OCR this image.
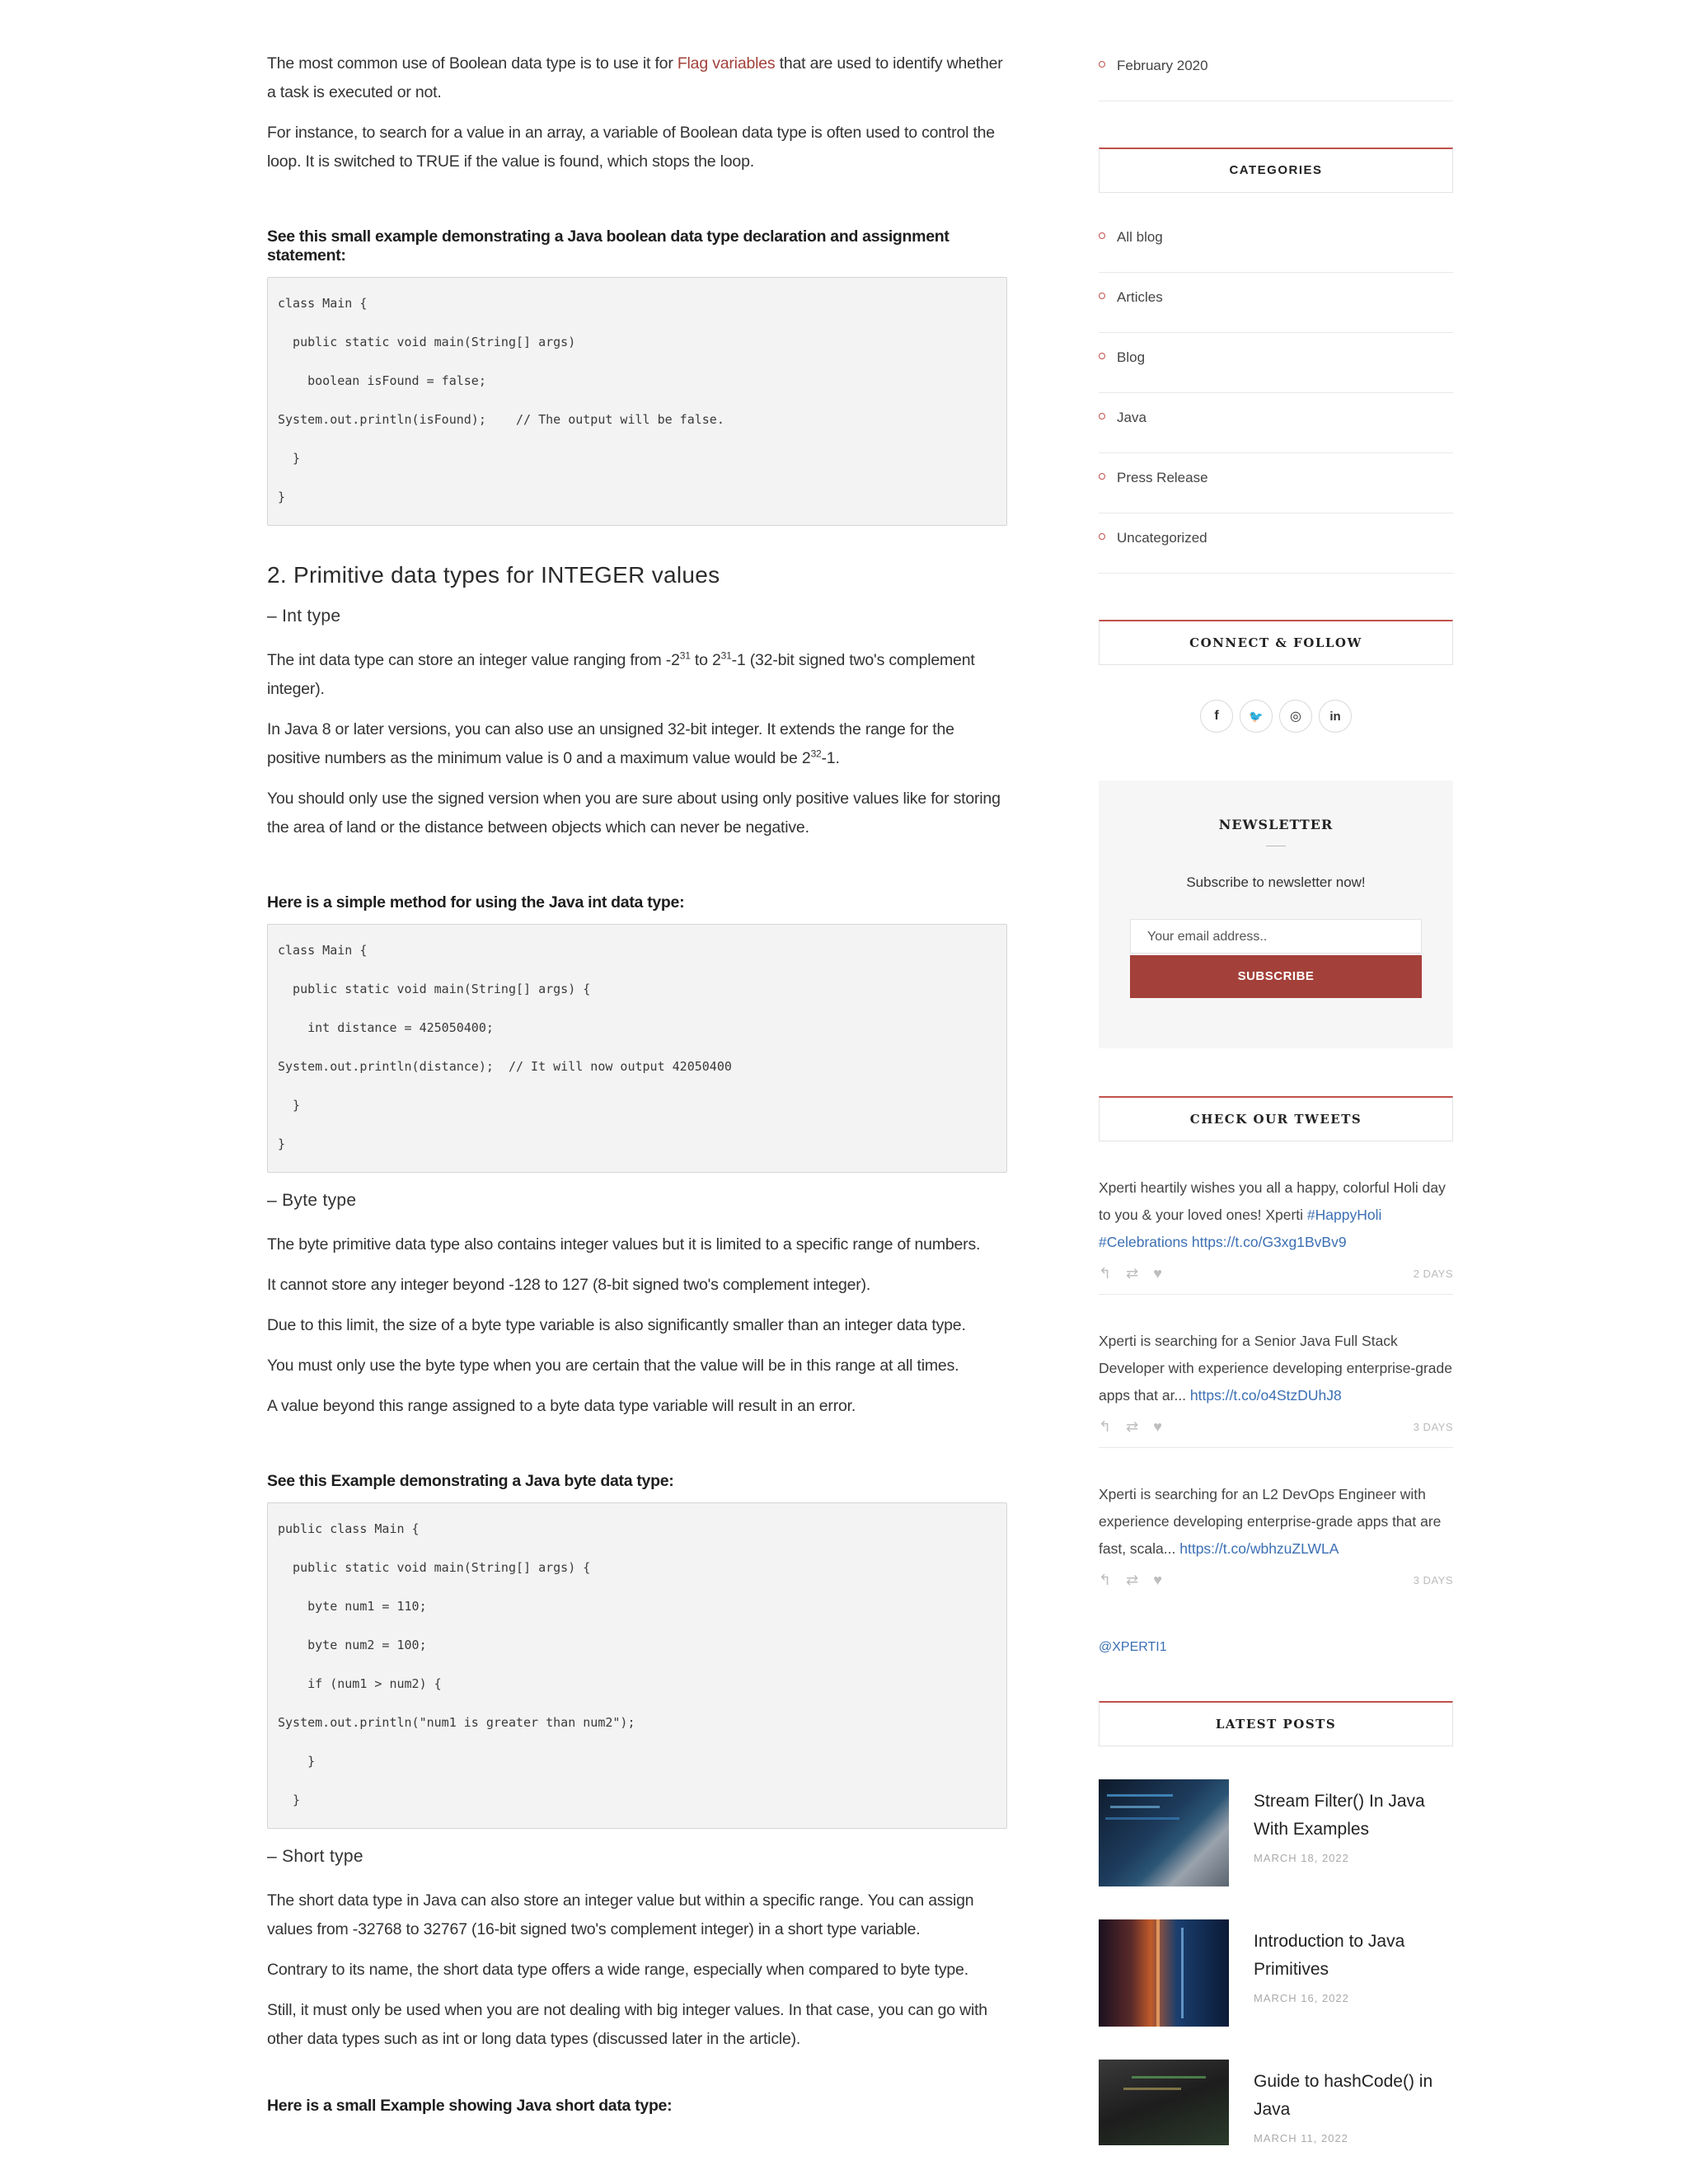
The most common use of Boolean data type is to use it for Flag variables that are used to identify whether a task is executed or not.

For instance, to search for a value in an array, a variable of Boolean data type is often used to control the loop. It is switched to TRUE if the value is found, which stops the loop.

See this small example demonstrating a Java boolean data type declaration and assignment statement:
class Main {
public static void main(String[] args)
boolean isFound = false;
System.out.println(isFound);    // The output will be false.
}
}
2. Primitive data types for INTEGER values
– Int type

The int data type can store an integer value ranging from $-2^{31}$ to $2^{31}-1$ (32-bit signed two's complement integer).

In Java 8 or later versions, you can also use an unsigned 32-bit integer. It extends the range for the positive numbers as the minimum value is 0 and a maximum value would be $2^{32}-1$.

You should only use the signed version when you are sure about using only positive values like for storing the area of land or the distance between objects which can never be negative.

Here is a simple method for using the Java int data type:
class Main {
public static void main(String[] args) {
int distance = 425050400;
System.out.println(distance);  // It will now output 42050400
}
}
– Byte type

The byte primitive data type also contains integer values but it is limited to a specific range of numbers.

It cannot store any integer beyond -128 to 127 (8-bit signed two's complement integer).

Due to this limit, the size of a byte type variable is also significantly smaller than an integer data type.

You must only use the byte type when you are certain that the value will be in this range at all times.

A value beyond this range assigned to a byte data type variable will result in an error.

See this Example demonstrating a Java byte data type:
public class Main {
public static void main(String[] args) {
byte num1 = 110;
byte num2 = 100;
if (num1 > num2) {
System.out.println("num1 is greater than num2");
}
}
– Short type

The short data type in Java can also store an integer value but within a specific range. You can assign values from -32768 to 32767 (16-bit signed two's complement integer) in a short type variable.

Contrary to its name, the short data type offers a wide range, especially when compared to byte type.

Still, it must only be used when you are not dealing with big integer values. In that case, you can go with other data types such as int or long data types (discussed later in the article).

Here is a small Example showing Java short data type:
February 2020
CATEGORIES
All blog
Articles
Blog
Java
Press Release
Uncategorized
CONNECT & FOLLOW
f	🐦	◎	in
NEWSLETTER
Subscribe to newsletter now!
Your email address..
SUBSCRIBE
CHECK OUR TWEETS
Xperti heartily wishes you all a happy, colorful Holi day to you & your loved ones! Xperti #HappyHoli #Celebrations https://t.co/G3xg1BvBv9
↰ ⇄ ♥	2 DAYS
Xperti is searching for a Senior Java Full Stack Developer with experience developing enterprise-grade apps that ar... https://t.co/o4StzDUhJ8
↰ ⇄ ♥	3 DAYS
Xperti is searching for an L2 DevOps Engineer with experience developing enterprise-grade apps that are fast, scala... https://t.co/wbhzuZLWLA
↰ ⇄ ♥	3 DAYS
@XPERTI1
LATEST POSTS
Stream Filter() In Java With Examples
MARCH 18, 2022
Introduction to Java Primitives
MARCH 16, 2022
Guide to hashCode() in Java
MARCH 11, 2022
